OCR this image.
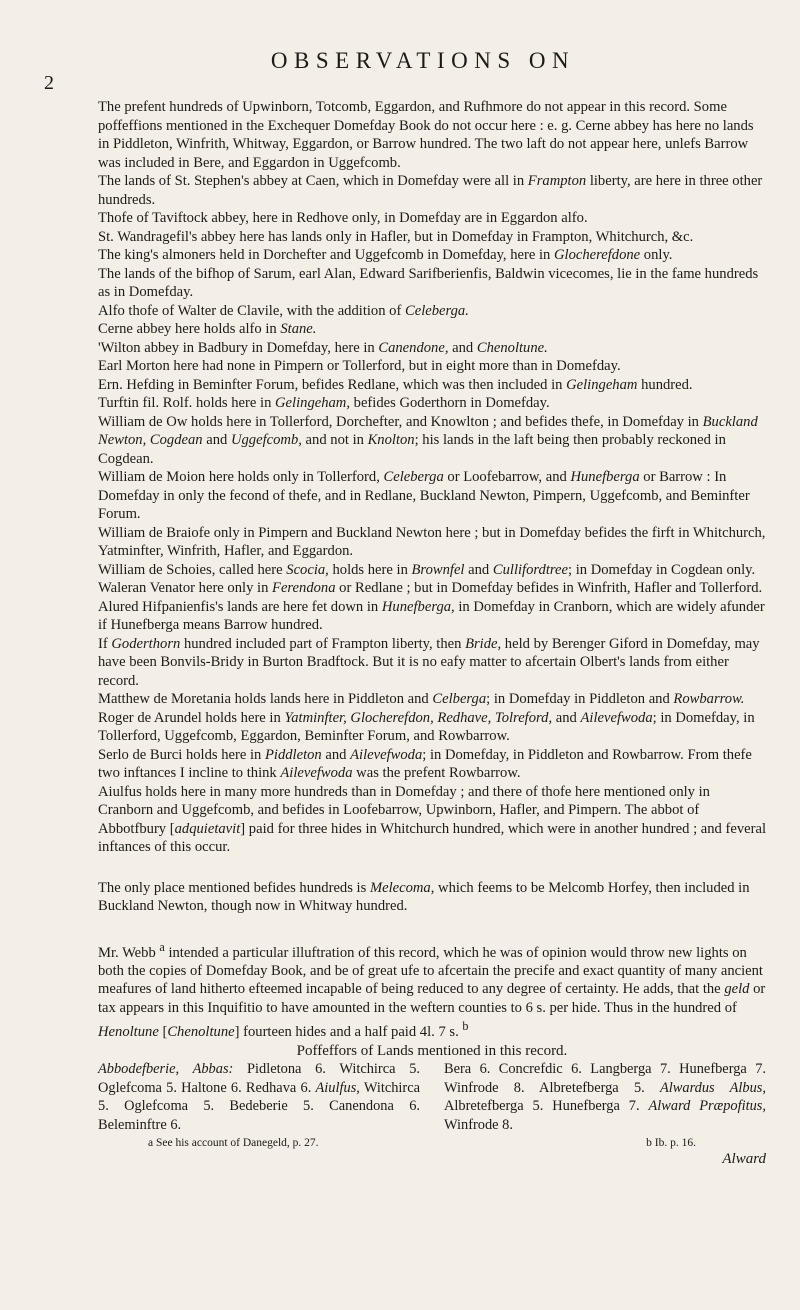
2

OBSERVATIONS ON

The prefent hundreds of Upwinborn, Totcomb, Eggardon, and Rufhmore do not appear in this record. Some poffeffions mentioned in the Exchequer Domefday Book do not occur here : e. g. Cerne abbey has here no lands in Piddleton, Winfrith, Whitway, Eggardon, or Barrow hundred. The two laft do not appear here, unlefs Barrow was included in Bere, and Eggardon in Uggefcomb.

The lands of St. Stephen's abbey at Caen, which in Domefday were all in Frampton liberty, are here in three other hundreds.

Thofe of Taviftock abbey, here in Redhove only, in Domefday are in Eggardon alfo.

St. Wandragefil's abbey here has lands only in Hafler, but in Domefday in Frampton, Whitchurch, &c.

The king's almoners held in Dorchefter and Uggefcomb in Domefday, here in Glocherefdone only.

The lands of the bifhop of Sarum, earl Alan, Edward Sarifberienfis, Baldwin vicecomes, lie in the fame hundreds as in Domefday.

Alfo thofe of Walter de Clavile, with the addition of Celeberga.

Cerne abbey here holds alfo in Stane.

'Wilton abbey in Badbury in Domefday, here in Canendone, and Chenoltune.

Earl Morton here had none in Pimpern or Tollerford, but in eight more than in Domefday.

Ern. Hefding in Beminfter Forum, befides Redlane, which was then included in Gelingeham hundred.

Turftin fil. Rolf. holds here in Gelingeham, befides Goderthorn in Domefday.

William de Ow holds here in Tollerford, Dorchefter, and Knowlton ; and befides thefe, in Domefday in Buckland Newton, Cogdean and Uggefcomb, and not in Knolton; his lands in the laft being then probably reckoned in Cogdean.

William de Moion here holds only in Tollerford, Celeberga or Loofebarrow, and Hunefberga or Barrow : In Domefday in only the fecond of thefe, and in Redlane, Buckland Newton, Pimpern, Uggefcomb, and Beminfter Forum.

William de Braiofe only in Pimpern and Buckland Newton here ; but in Domefday befides the firft in Whitchurch, Yatminfter, Winfrith, Hafler, and Eggardon.

William de Schoies, called here Scocia, holds here in Brownfel and Cullifordtree; in Domefday in Cogdean only.

Waleran Venator here only in Ferendona or Redlane ; but in Domefday befides in Winfrith, Hafler and Tollerford.

Alured Hifpanienfis's lands are here fet down in Hunefberga, in Domefday in Cranborn, which are widely afunder if Hunefberga means Barrow hundred.

If Goderthorn hundred included part of Frampton liberty, then Bride, held by Berenger Giford in Domefday, may have been Bonvils-Bridy in Burton Bradftock. But it is no eafy matter to afcertain Olbert's lands from either record.

Matthew de Moretania holds lands here in Piddleton and Celberga; in Domefday in Piddleton and Rowbarrow.

Roger de Arundel holds here in Yatminfter, Glocherefdon, Redhave, Tolreford, and Ailevefwoda; in Domefday, in Tollerford, Uggefcomb, Eggardon, Beminfter Forum, and Rowbarrow.

Serlo de Burci holds here in Piddleton and Ailevefwoda; in Domefday, in Piddleton and Rowbarrow. From thefe two inftances I incline to think Ailevefwoda was the prefent Rowbarrow.

Aiulfus holds here in many more hundreds than in Domefday ; and there of thofe here mentioned only in Cranborn and Uggefcomb, and befides in Loofebarrow, Upwinborn, Hafler, and Pimpern. The abbot of Abbotfbury [adquietavit] paid for three hides in Whitchurch hundred, which were in another hundred ; and feveral inftances of this occur.

The only place mentioned befides hundreds is Melecoma, which feems to be Melcomb Horfey, then included in Buckland Newton, though now in Whitway hundred.

Mr. Webb $^a$ intended a particular illuftration of this record, which he was of opinion would throw new lights on both the copies of Domefday Book, and be of great ufe to afcertain the precife and exact quantity of many ancient meafures of land hitherto efteemed incapable of being reduced to any degree of certainty. He adds, that the geld or tax appears in this Inquifitio to have amounted in the weftern counties to 6 s. per hide. Thus in the hundred of Henoltune [Chenoltune] fourteen hides and a half paid 4l. 7 s. $^b$

Poffeffors of Lands mentioned in this record.

Abbodefberie, Abbas: Pidletona 6. Witchirca 5. Oglefcoma 5. Haltone 6. Redhava 6. Aiulfus, Witchirca 5. Oglefcoma 5. Bedeberie 5. Canendona 6. Beleminftre 6.

Bera 6. Concrefdic 6. Langberga 7. Hunefberga 7. Winfrode 8. Albretefberga 5. Alwardus Albus, Albretefberga 5. Hunefberga 7. Alward Præpofitus, Winfrode 8.

a See his account of Danegeld, p. 27.	b Ib. p. 16.

Alward
